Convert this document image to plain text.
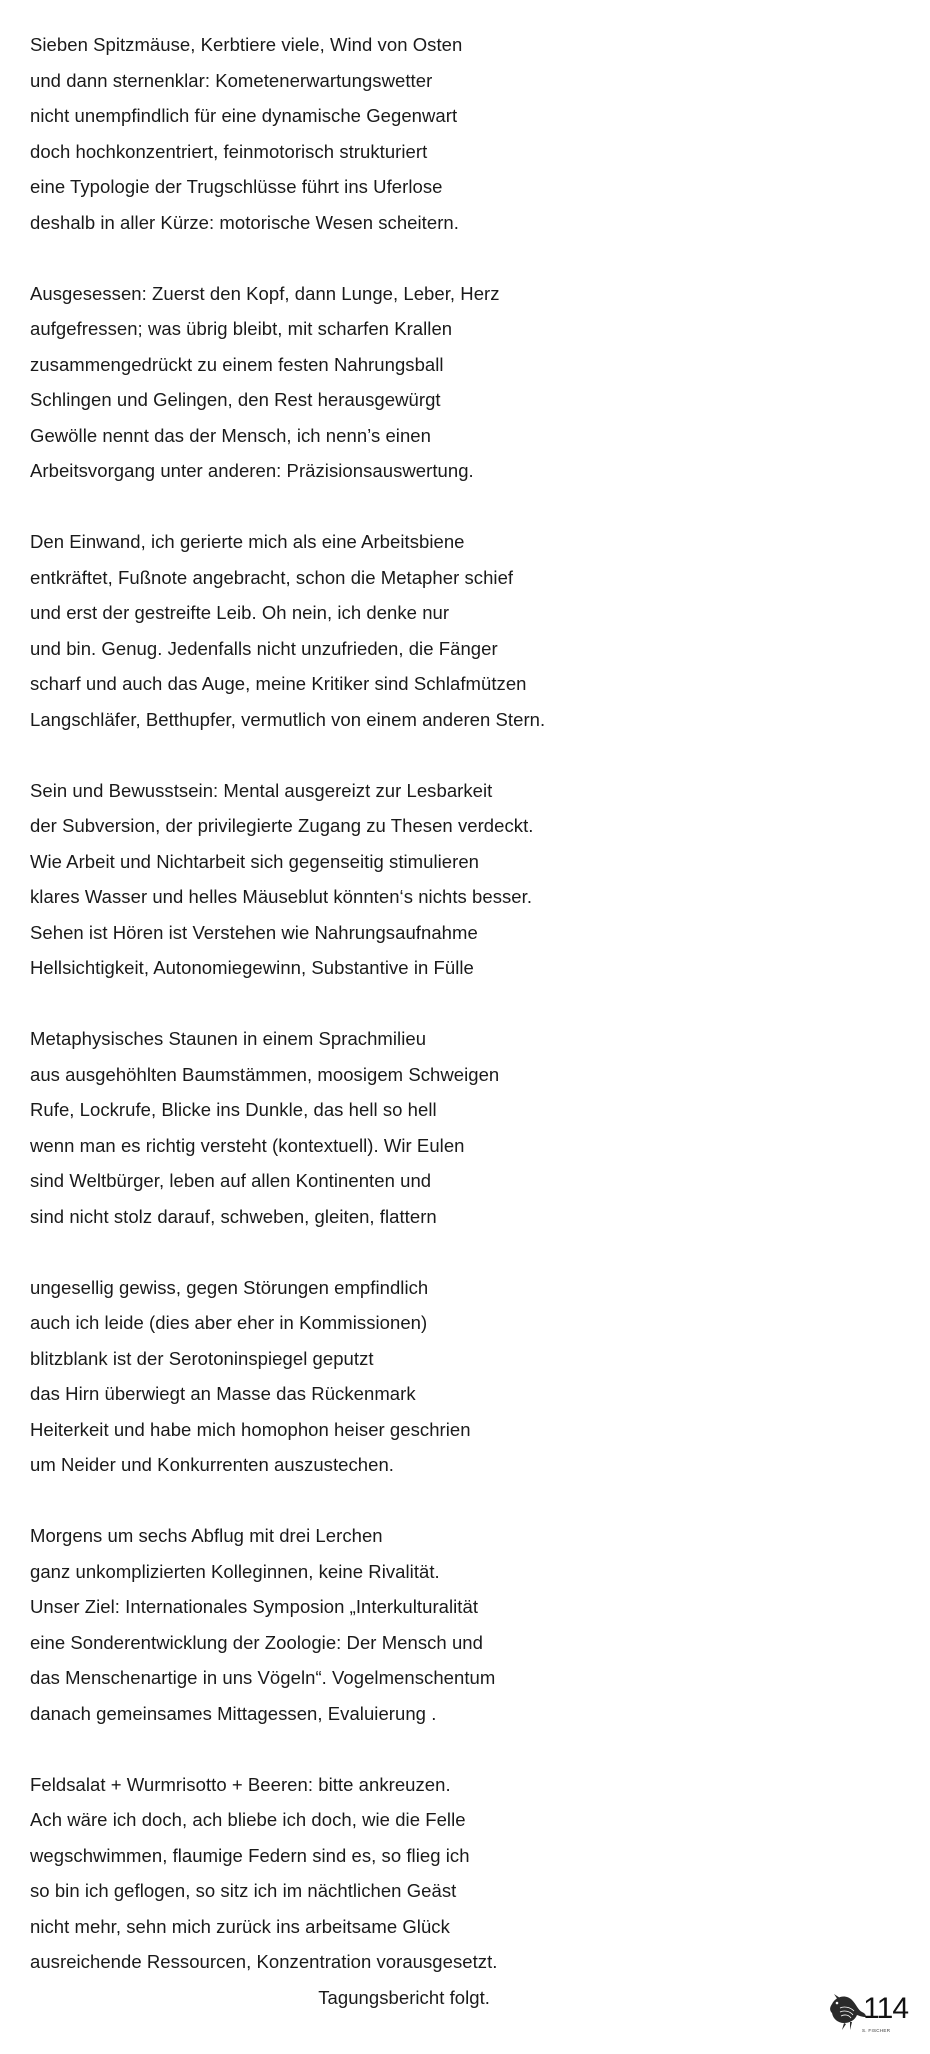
Sieben Spitzmäuse, Kerbtiere viele, Wind von Osten
und dann sternenklar: Kometenerwartungswetter
nicht unempfindlich für eine dynamische Gegenwart
doch hochkonzentriert, feinmotorisch strukturiert
eine Typologie der Trugschlüsse führt ins Uferlose
deshalb in aller Kürze: motorische Wesen scheitern.
Ausgesessen: Zuerst den Kopf, dann Lunge, Leber, Herz
aufgefressen; was übrig bleibt, mit scharfen Krallen
zusammengedrückt zu einem festen Nahrungsball
Schlingen und Gelingen, den Rest herausgewürgt
Gewölle nennt das der Mensch, ich nenn’s einen
Arbeitsvorgang unter anderen: Präzisionsauswertung.
Den Einwand, ich gerierte mich als eine Arbeitsbiene
entkräftet, Fußnote angebracht, schon die Metapher schief
und erst der gestreifte Leib. Oh nein, ich denke nur
und bin. Genug. Jedenfalls nicht unzufrieden, die Fänger
scharf und auch das Auge, meine Kritiker sind Schlafmützen
Langschläfer, Betthupfer, vermutlich von einem anderen Stern.
Sein und Bewusstsein: Mental ausgereizt zur Lesbarkeit
der Subversion, der privilegierte Zugang zu Thesen verdeckt.
Wie Arbeit und Nichtarbeit sich gegenseitig stimulieren
klares Wasser und helles Mäuseblut könnten‘s nichts besser.
Sehen ist Hören ist Verstehen wie Nahrungsaufnahme
Hellsichtigkeit, Autonomiegewinn, Substantive in Fülle
Metaphysisches Staunen in einem Sprachmilieu
aus ausgehöhlten Baumstämmen, moosigem Schweigen
Rufe, Lockrufe, Blicke ins Dunkle, das hell so hell
wenn man es richtig versteht (kontextuell). Wir Eulen
sind Weltbürger, leben auf allen Kontinenten und
sind nicht stolz darauf, schweben, gleiten, flattern
ungesellig gewiss, gegen Störungen empfindlich
auch ich leide (dies aber eher in Kommissionen)
blitzblank ist der Serotoninspiegel geputzt
das Hirn überwiegt an Masse das Rückenmark
Heiterkeit und habe mich homophon heiser geschrien
um Neider und Konkurrenten auszustechen.
Morgens um sechs Abflug mit drei Lerchen
ganz unkomplizierten Kolleginnen, keine Rivalität.
Unser Ziel: Internationales Symposion „Interkulturalität
eine Sonderentwicklung der Zoologie: Der Mensch und
das Menschenartige in uns Vögeln“. Vogelmenschentum
danach gemeinsames Mittagessen, Evaluierung .
Feldsalat + Wurmrisotto + Beeren: bitte ankreuzen.
Ach wäre ich doch, ach bliebe ich doch, wie die Felle
wegschwimmen, flaumige Federn sind es, so flieg ich
so bin ich geflogen, so sitz ich im nächtlichen Geäst
nicht mehr, sehn mich zurück ins arbeitsame Glück
ausreichende Ressourcen, Konzentration vorausgesetzt.
Tagungsbericht folgt.
S. FISCHER
114
